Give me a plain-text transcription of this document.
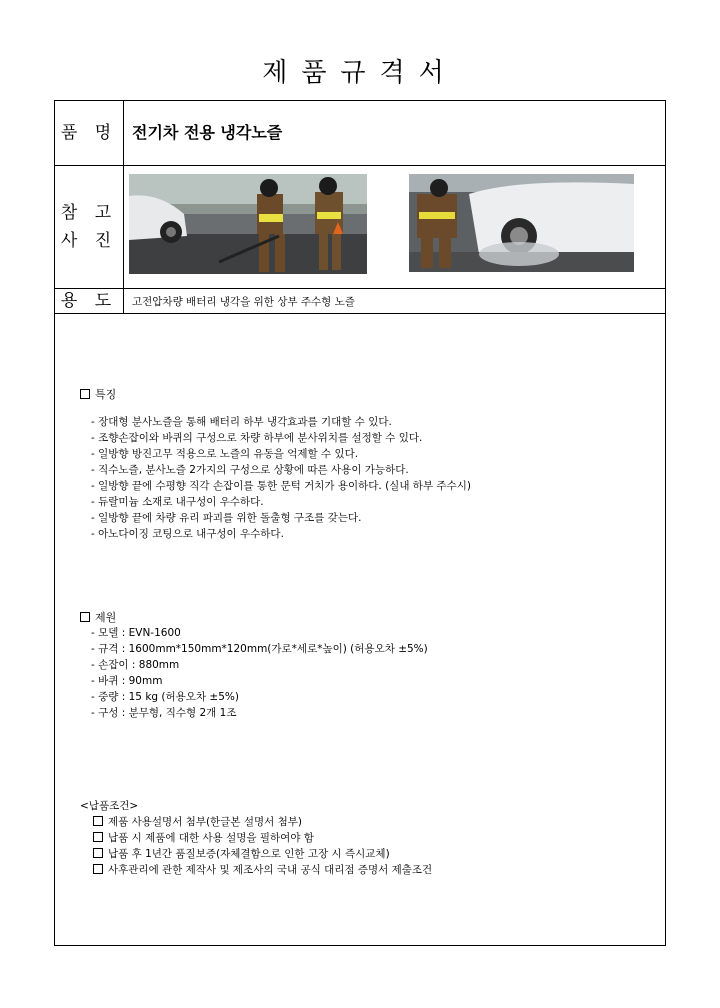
제품규격서
품 명 전기차 전용 냉각노즐
참 고
사 진
용 도	고전압차량 배터리 냉각을 위한 상부 주수형 노즐
특징
- 장대형 분사노즐을 통해 배터리 하부 냉각효과를 기대할 수 있다.
- 조향손잡이와 바퀴의 구성으로 차량 하부에 분사위치를 설정할 수 있다.
- 일방향 방진고무 적용으로 노즐의 유동을 억제할 수 있다.
- 직수노즐, 분사노즐 2가지의 구성으로 상황에 따른 사용이 가능하다.
- 일방향 끝에 수평향 직각 손잡이를 통한 문턱 거치가 용이하다. (실내 하부 주수시)
- 듀랄미늄 소재로 내구성이 우수하다.
- 일방향 끝에 차량 유리 파괴를 위한 돌출형 구조를 갖는다.
- 아노다이징 코팅으로 내구성이 우수하다.
제원
- 모델 : EVN-1600
- 규격 : 1600mm*150mm*120mm(가로*세로*높이) (허용오차 ±5%)
- 손잡이 : 880mm
- 바퀴 : 90mm
- 중량 : 15 kg (허용오차 ±5%)
- 구성 : 분무형, 직수형 2개 1조
<납품조건>
제품 사용설명서 첨부(한글본 설명서 첨부)
납품 시 제품에 대한 사용 설명을 필하여야 함
납품 후 1년간 품질보증(자체결함으로 인한 고장 시 즉시교체)
사후관리에 관한 제작사 및 제조사의 국내 공식 대리점 증명서 제출조건
